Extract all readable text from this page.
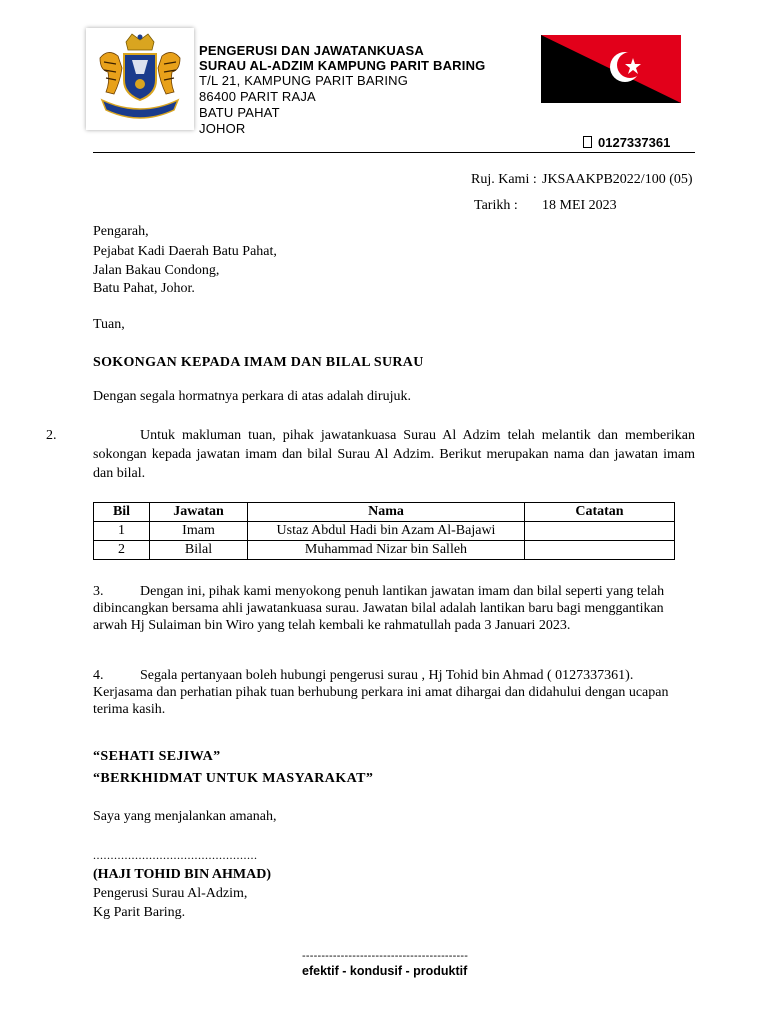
PENGERUSI DAN JAWATANKUASA
SURAU AL-ADZIM KAMPUNG PARIT BARING
T/L 21, KAMPUNG PARIT BARING
86400 PARIT RAJA
BATU PAHAT
JOHOR
0127337361
Ruj. Kami : JKSAAKPB2022/100 (05)
Tarikh : 18 MEI 2023
Pengarah,
Pejabat Kadi Daerah Batu Pahat,
Jalan Bakau Condong,
Batu Pahat, Johor.
Tuan,
SOKONGAN KEPADA IMAM DAN BILAL SURAU
Dengan segala hormatnya perkara di atas adalah dirujuk.
2.	Untuk makluman tuan, pihak jawatankuasa Surau Al Adzim telah melantik dan memberikan sokongan kepada jawatan imam dan bilal Surau Al Adzim. Berikut merupakan nama dan jawatan imam dan bilal.
Bil	Jawatan	Nama	Catatan
1	Imam	Ustaz Abdul Hadi bin Azam Al-Bajawi	
2	Bilal	Muhammad Nizar bin Salleh	
3.	Dengan ini, pihak kami menyokong penuh lantikan jawatan imam dan bilal seperti yang telah dibincangkan bersama ahli jawatankuasa surau. Jawatan bilal adalah lantikan baru bagi menggantikan arwah Hj Sulaiman bin Wiro yang telah kembali ke rahmatullah pada 3 Januari 2023.
4.	Segala pertanyaan boleh hubungi pengerusi surau , Hj Tohid bin Ahmad ( 0127337361). Kerjasama dan perhatian pihak tuan berhubung perkara ini amat dihargai dan didahului dengan ucapan terima kasih.
“SEHATI SEJIWA”
“BERKHIDMAT UNTUK MASYARAKAT”
Saya yang menjalankan amanah,
...............................................
(HAJI TOHID BIN AHMAD)
Pengerusi Surau Al-Adzim,
Kg Parit Baring.
-------------------------------------------
efektif - kondusif - produktif
